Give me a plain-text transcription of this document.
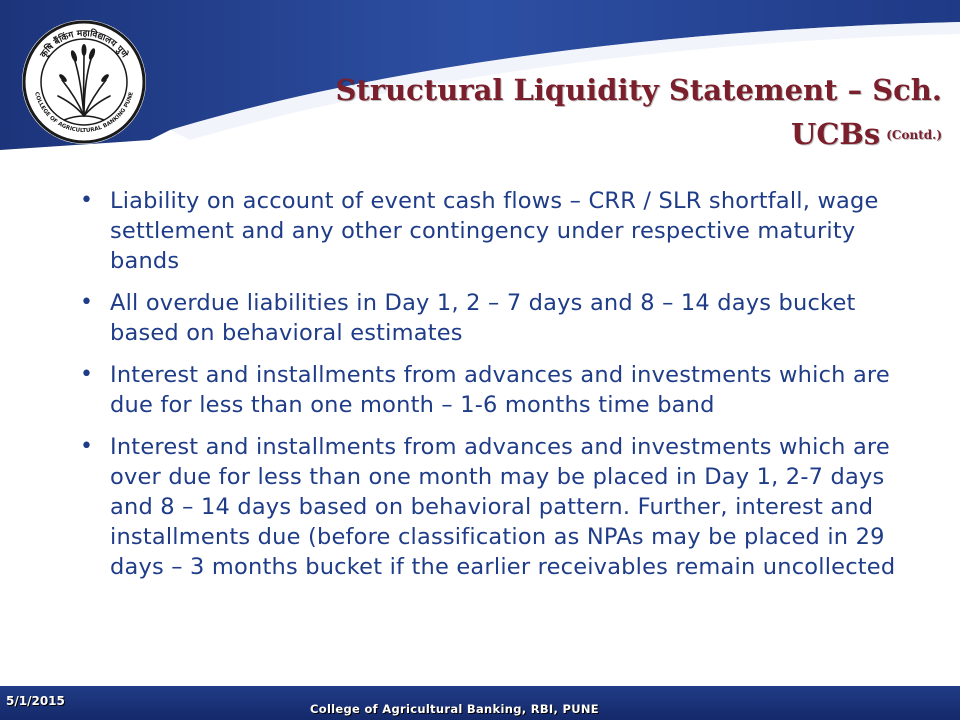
कृषि बैंकिंग महाविद्यालय पुणे
COLLEGE OF AGRICULTURAL BANKING PUNE	Structural Liquidity Statement – Sch.
UCBs (Contd.)
• Liability on account of event cash flows – CRR / SLR shortfall, wage settlement and any other contingency under respective maturity bands
• All overdue liabilities in Day 1, 2 – 7 days and 8 – 14 days bucket based on behavioral estimates
• Interest and installments from advances and investments which are due for less than one month – 1-6 months time band
• Interest and installments from advances and investments which are over due for less than one month may be placed in Day 1, 2-7 days and 8 – 14 days based on behavioral pattern. Further, interest and installments due (before classification as NPAs may be placed in 29 days – 3 months bucket if the earlier receivables remain uncollected
5/1/2015
College of Agricultural Banking, RBI, PUNE
